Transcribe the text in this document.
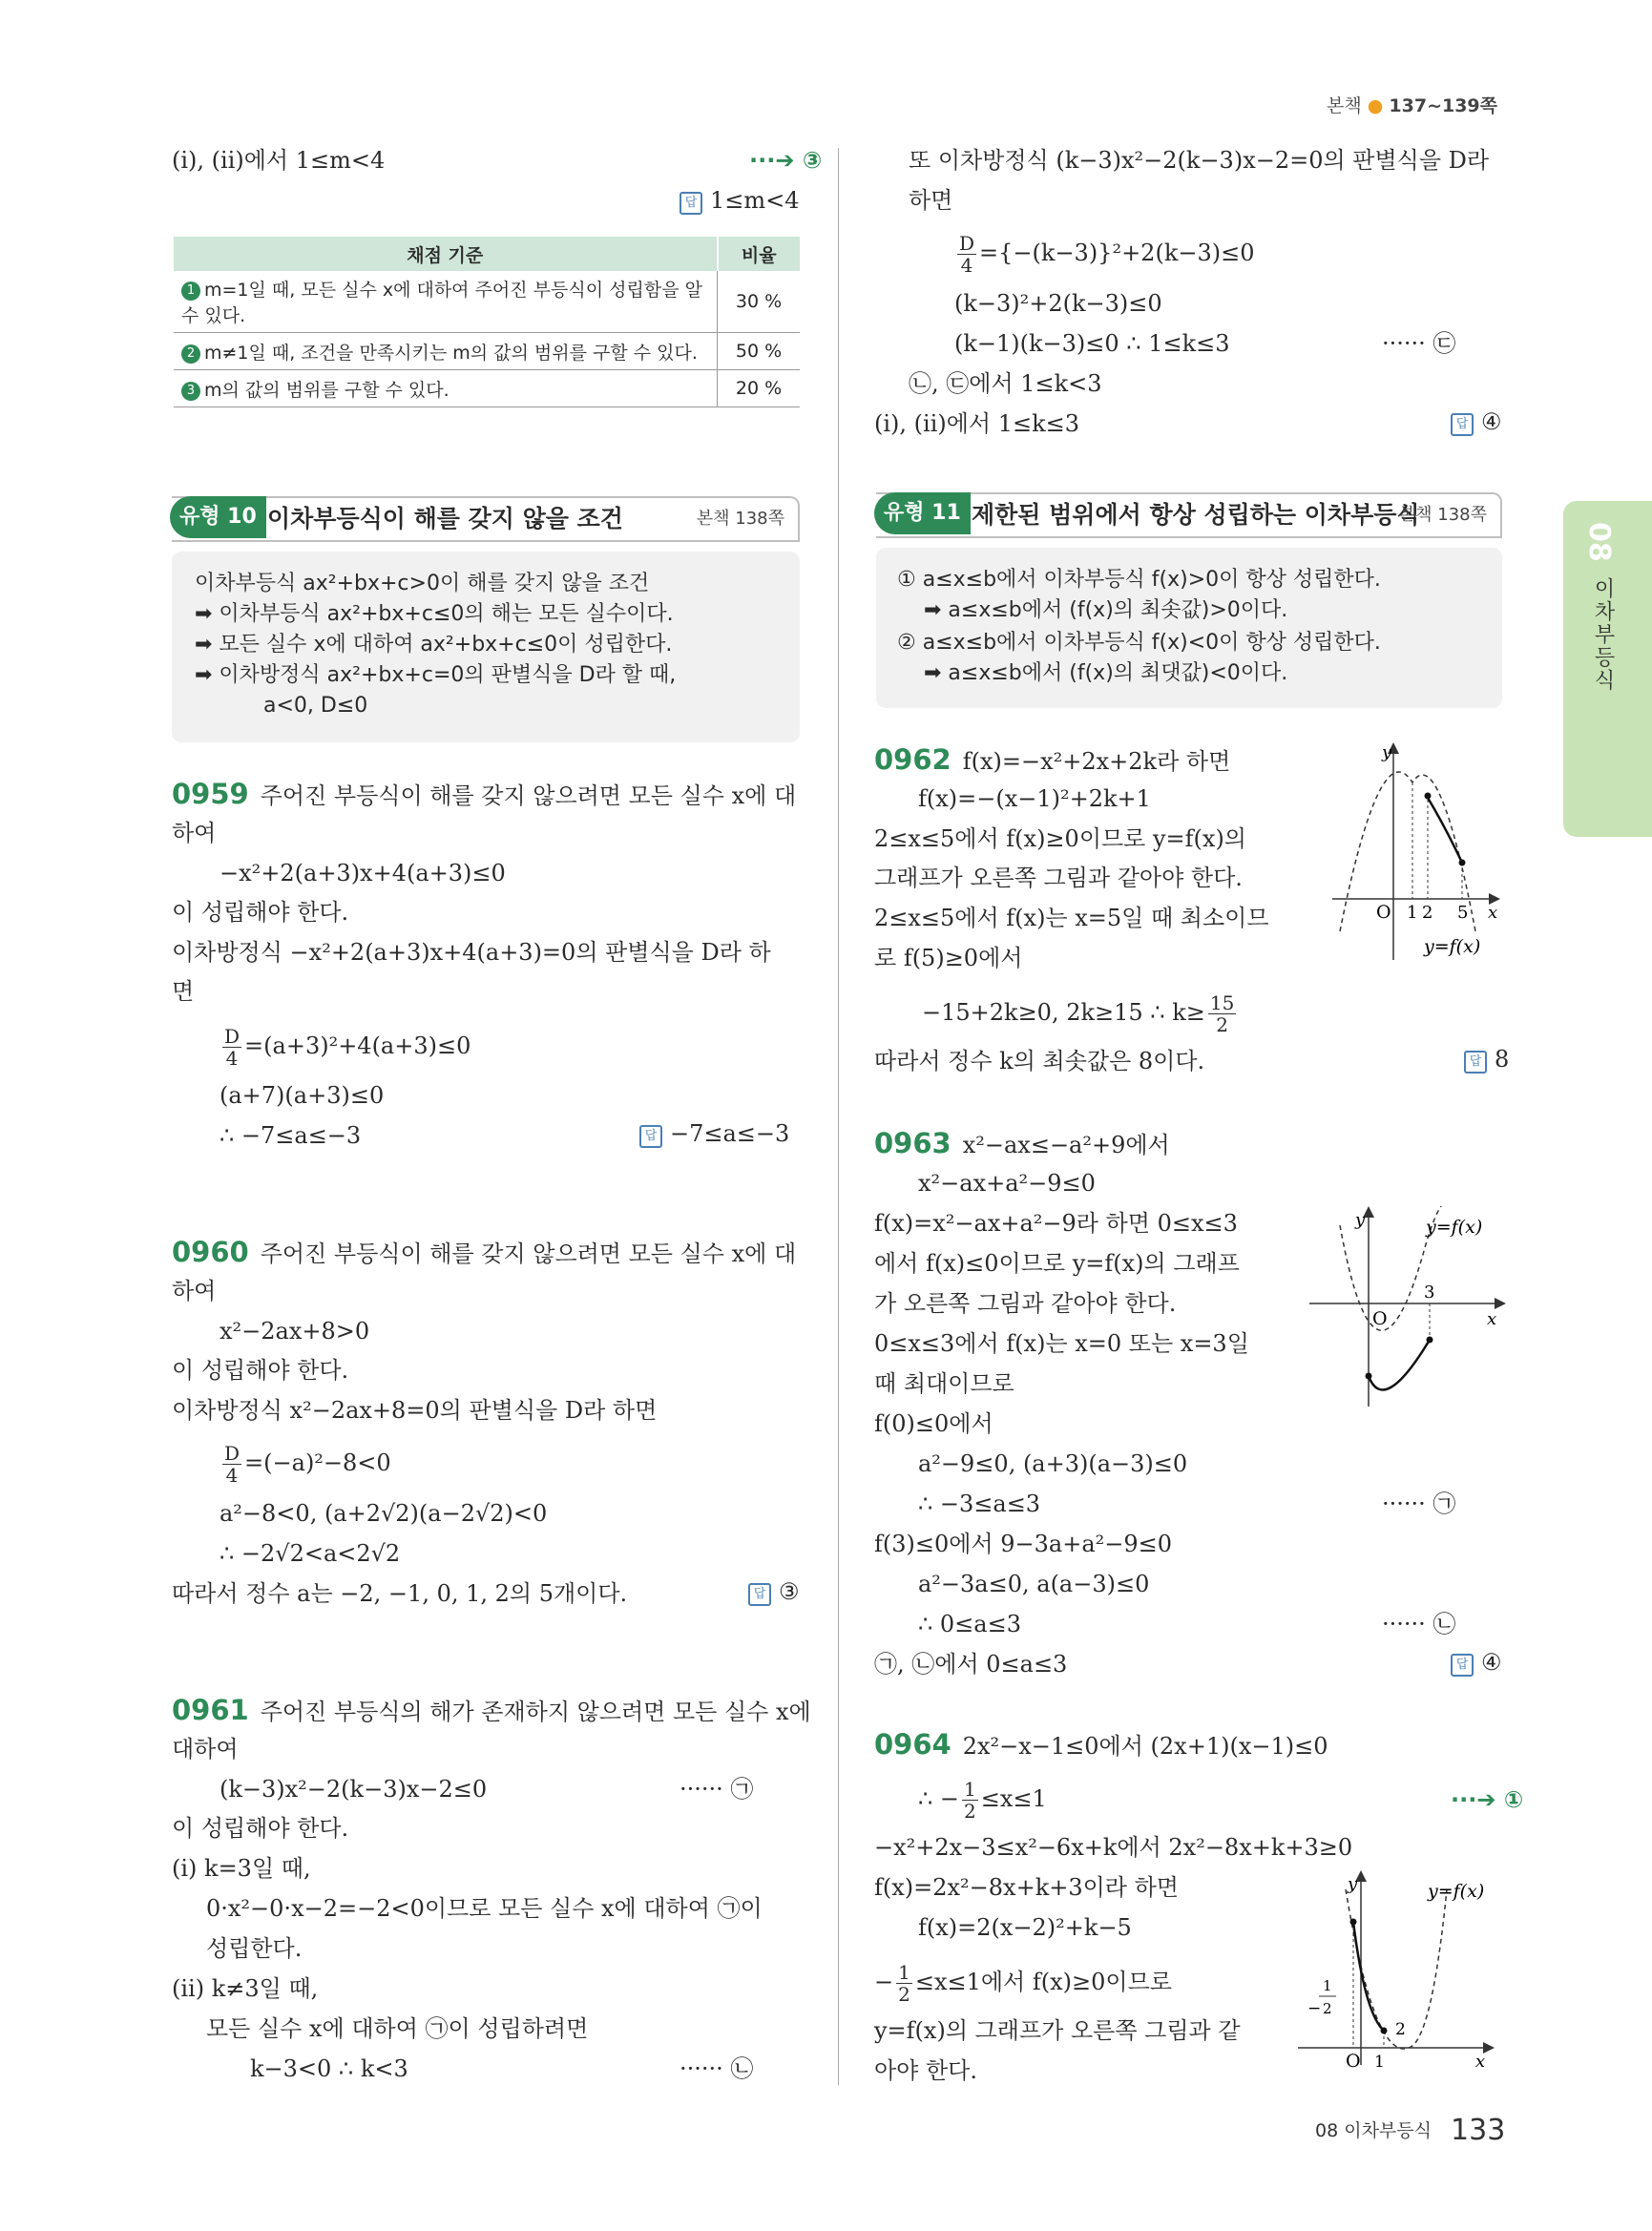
본책 ● 137~139쪽
08
이차부등식
(ⅰ), (ⅱ)에서 1≤m<4	···➔ ③
답 1≤m<4
채점 기준	비율
1 m=1일 때, 모든 실수 x에 대하여 주어진 부등식이 성립함을 알 수 있다.	30 %
2 m≠1일 때, 조건을 만족시키는 m의 값의 범위를 구할 수 있다.	50 %
3 m의 값의 범위를 구할 수 있다.	20 %
유형 10 이차부등식이 해를 갖지 않을 조건	본책 138쪽
이차부등식 ax²+bx+c>0이 해를 갖지 않을 조건
➡ 이차부등식 ax²+bx+c≤0의 해는 모든 실수이다.
➡ 모든 실수 x에 대하여 ax²+bx+c≤0이 성립한다.
➡ 이차방정식 ax²+bx+c=0의 판별식을 D라 할 때,
a<0, D≤0
0959 주어진 부등식이 해를 갖지 않으려면 모든 실수 x에 대
하여
−x²+2(a+3)x+4(a+3)≤0
이 성립해야 한다.
이차방정식 −x²+2(a+3)x+4(a+3)=0의 판별식을 D라 하
면
$\frac{D}{4} =(a+3)^2+4(a+3)\le 0$
(a+7)(a+3)≤0
∴ −7≤a≤−3	답 −7≤a≤−3
0960 주어진 부등식이 해를 갖지 않으려면 모든 실수 x에 대
하여
x²−2ax+8>0
이 성립해야 한다.
이차방정식 x²−2ax+8=0의 판별식을 D라 하면
$\frac{D}{4} =(-a)^2-8<0$
a²−8<0, (a+2√2)(a−2√2)<0
∴ −2√2<a<2√2
따라서 정수 a는 −2, −1, 0, 1, 2의 5개이다.	답 ③
0961 주어진 부등식의 해가 존재하지 않으려면 모든 실수 x에
대하여
(k−3)x²−2(k−3)x−2≤0	······ ㉠
이 성립해야 한다.
(ⅰ) k=3일 때,
0·x²−0·x−2=−2<0이므로 모든 실수 x에 대하여 ㉠이
성립한다.
(ⅱ) k≠3일 때,
모든 실수 x에 대하여 ㉠이 성립하려면
k−3<0 ∴ k<3	······ ㉡
또 이차방정식 (k−3)x²−2(k−3)x−2=0의 판별식을 D라
하면
$\frac{D}{4} =\{-(k-3)\}^2+2(k-3)\le 0$
(k−3)²+2(k−3)≤0
(k−1)(k−3)≤0 ∴ 1≤k≤3	······ ㉢
㉡, ㉢에서 1≤k<3
(ⅰ), (ⅱ)에서 1≤k≤3	답 ④
유형 11 제한된 범위에서 항상 성립하는 이차부등식
본책 138쪽
① a≤x≤b에서 이차부등식 f(x)>0이 항상 성립한다.
➡ a≤x≤b에서 (f(x)의 최솟값)>0이다.
② a≤x≤b에서 이차부등식 f(x)<0이 항상 성립한다.
➡ a≤x≤b에서 (f(x)의 최댓값)<0이다.
0962 f(x)=−x²+2x+2k라 하면
f(x)=−(x−1)²+2k+1
2≤x≤5에서 f(x)≥0이므로 y=f(x)의
그래프가 오른쪽 그림과 같아야 한다.
2≤x≤5에서 f(x)는 x=5일 때 최소이므
로 f(5)≥0에서
−15+2k≥0, 2k≥15 ∴ $k\ge \frac{15}{2}$
따라서 정수 k의 최솟값은 8이다.	답 8
y
x
O 1 2 5
y=f(x)
0963 x²−ax≤−a²+9에서
x²−ax+a²−9≤0
f(x)=x²−ax+a²−9라 하면 0≤x≤3
에서 f(x)≤0이므로 y=f(x)의 그래프
가 오른쪽 그림과 같아야 한다.
0≤x≤3에서 f(x)는 x=0 또는 x=3일
때 최대이므로
f(0)≤0에서
a²−9≤0, (a+3)(a−3)≤0
∴ −3≤a≤3	······ ㉠
f(3)≤0에서 9−3a+a²−9≤0
a²−3a≤0, a(a−3)≤0
∴ 0≤a≤3	······ ㉡
㉠, ㉡에서 0≤a≤3	답 ④
y
x
O
3
y=f(x)
0964 2x²−x−1≤0에서 (2x+1)(x−1)≤0
∴ − $\frac{1}{2} \le x\le 1$	···➔ ①
−x²+2x−3≤x²−6x+k에서 2x²−8x+k+3≥0
f(x)=2x²−8x+k+3이라 하면
f(x)=2(x−2)²+k−5
− $\frac{1}{2} \le x\le 1$에서 f(x)≥0이므로
y=f(x)의 그래프가 오른쪽 그림과 같
아야 한다.
y
x
O 1
2
−
1
2
y=f(x)
08 이차부등식 133
